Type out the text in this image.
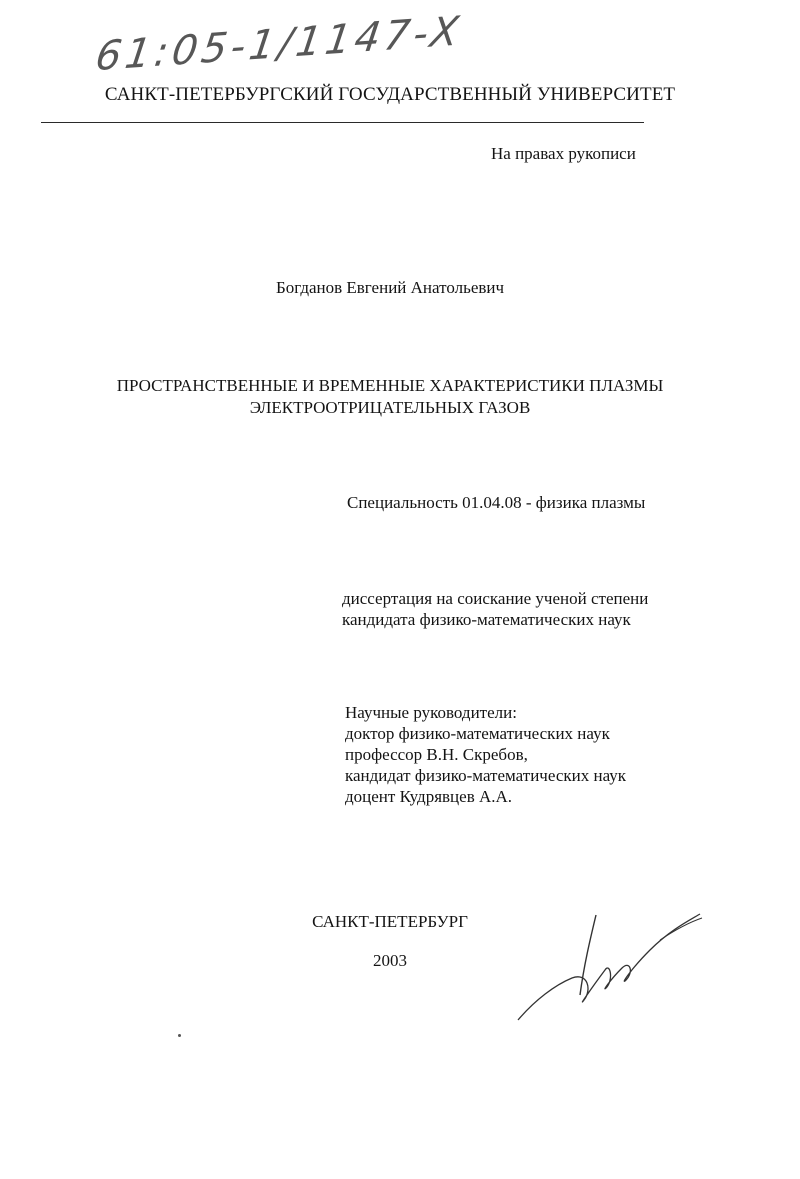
61:05-1/1147-X
САНКТ-ПЕТЕРБУРГСКИЙ ГОСУДАРСТВЕННЫЙ УНИВЕРСИТЕТ
На правах рукописи
Богданов Евгений Анатольевич
ПРОСТРАНСТВЕННЫЕ И ВРЕМЕННЫЕ ХАРАКТЕРИСТИКИ ПЛАЗМЫ
ЭЛЕКТРООТРИЦАТЕЛЬНЫХ ГАЗОВ
Специальность 01.04.08 - физика плазмы
диссертация на соискание ученой степени
кандидата физико-математических наук
Научные руководители:
доктор физико-математических наук
профессор В.Н. Скребов,
кандидат физико-математических наук
доцент Кудрявцев А.А.
САНКТ-ПЕТЕРБУРГ
2003
